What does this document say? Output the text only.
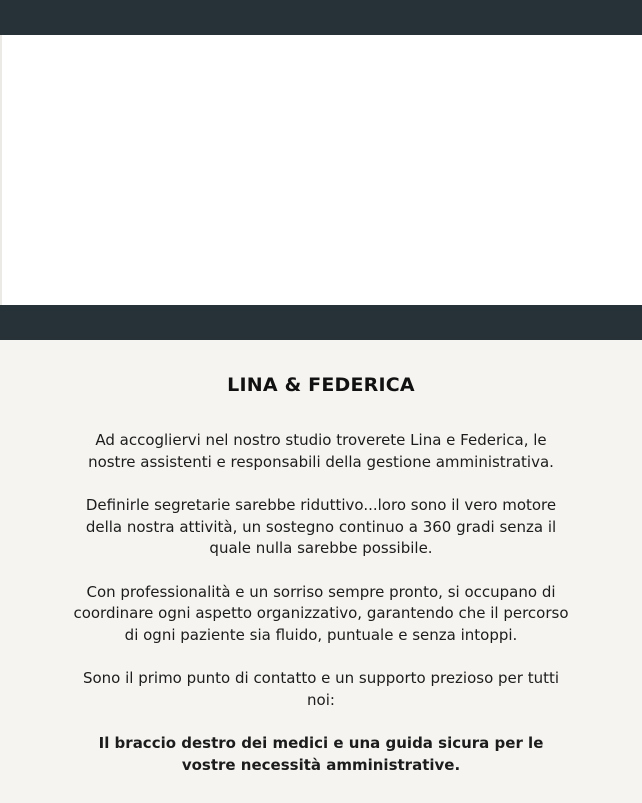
LINA & FEDERICA

Ad accogliervi nel nostro studio troverete Lina e Federica, le nostre assistenti e responsabili della gestione amministrativa.

Definirle segretarie sarebbe riduttivo...loro sono il vero motore della nostra attività, un sostegno continuo a 360 gradi senza il quale nulla sarebbe possibile.

Con professionalità e un sorriso sempre pronto, si occupano di coordinare ogni aspetto organizzativo, garantendo che il percorso di ogni paziente sia fluido, puntuale e senza intoppi.

Sono il primo punto di contatto e un supporto prezioso per tutti noi:

Il braccio destro dei medici e una guida sicura per le vostre necessità amministrative.
